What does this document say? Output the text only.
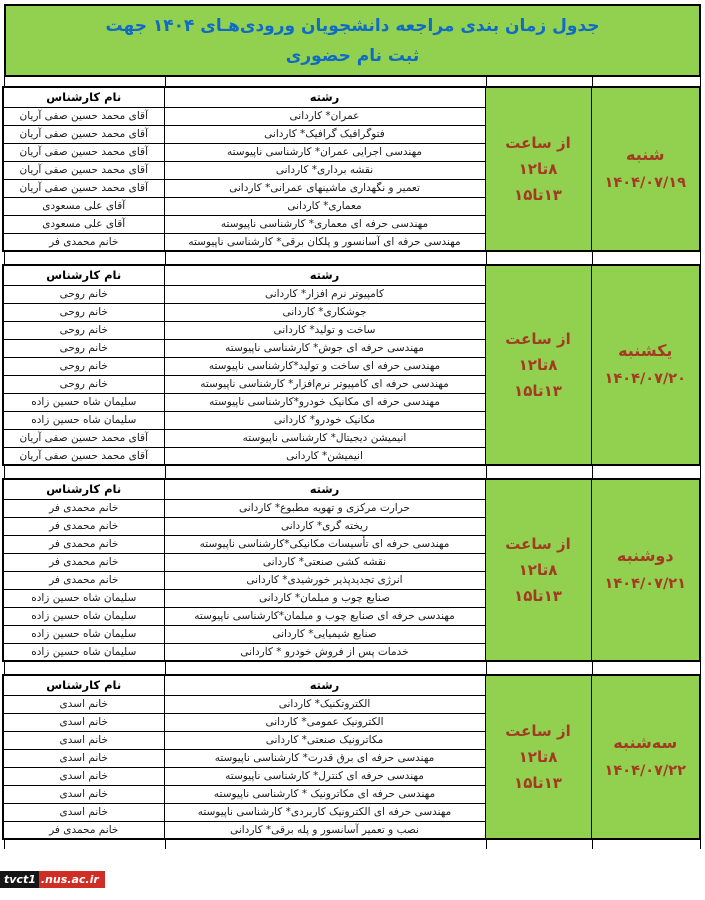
جدول زمان بندی مراجعه دانشجویان ورودی‌هـای ۱۴۰۴ جهت
ثبت نام حضوری
شنبه
۱۴۰۴/۰۷/۱۹

از ساعت
۸تا۱۲
۱۳تا۱۵
	رشته	نام کارشناس
		عمران* کاردانی	آقای محمد حسین صفی آریان
		فتوگرافیک گرافیک* کاردانی	آقای محمد حسین صفی آریان
		مهندسی اجرایی عمران* کارشناسی ناپیوسته	آقای محمد حسین صفی آریان
		نقشه برداری* کاردانی	آقای محمد حسین صفی آریان
		تعمیر و نگهداری ماشینهای عمرانی* کاردانی	آقای محمد حسین صفی آریان
		معماری* کاردانی	آقای علی مسعودی
		مهندسی حرفه ای معماری* کارشناسی ناپیوسته	آقای علی مسعودی
		مهندسی حرفه ای آسانسور و پلکان برقی* کارشناسی ناپیوسته	خانم محمدی فر
یکشنبه
۱۴۰۴/۰۷/۲۰

از ساعت
۸تا۱۲
۱۳تا۱۵
	رشته	نام کارشناس
		کامپیوتر نرم افزار* کاردانی	خانم روحی
		جوشکاری* کاردانی	خانم روحی
		ساخت و تولید* کاردانی	خانم روحی
		مهندسی حرفه ای جوش* کارشناسی ناپیوسته	خانم روحی
		مهندسی حرفه ای ساخت و تولید*کارشناسی ناپیوسته	خانم روحی
		مهندسی حرفه ای کامپیوتر نرم‌افزار* کارشناسی ناپیوسته	خانم روحی
		مهندسی حرفه ای مکانیک خودرو*کارشناسی ناپیوسته	سلیمان شاه حسین زاده
		مکانیک خودرو* کاردانی	سلیمان شاه حسین زاده
		انیمیشن دیجیتال* کارشناسی ناپیوسته	آقای محمد حسین صفی آریان
		انیمیشن* کاردانی	آقای محمد حسین صفی آریان
دوشنبه
۱۴۰۴/۰۷/۲۱

از ساعت
۸تا۱۲
۱۳تا۱۵
	رشته	نام کارشناس
		حرارت مرکزی و تهویه مطبوع* کاردانی	خانم محمدی فر
		ریخته گری* کاردانی	خانم محمدی فر
		مهندسی حرفه ای تأسیسات مکانیکی*کارشناسی ناپیوسته	خانم محمدی فر
		نقشه کشی صنعتی* کاردانی	خانم محمدی فر
		انرژی تجدیدپذیر خورشیدی* کاردانی	خانم محمدی فر
		صنایع چوب و مبلمان* کاردانی	سلیمان شاه حسین زاده
		مهندسی حرفه ای صنایع چوب و مبلمان*کارشناسی ناپیوسته	سلیمان شاه حسین زاده
		صنایع شیمیایی* کاردانی	سلیمان شاه حسین زاده
		خدمات پس از فروش خودرو * کاردانی	سلیمان شاه حسین زاده
سه‌شنبه
۱۴۰۴/۰۷/۲۲

از ساعت
۸تا۱۲
۱۳تا۱۵
	رشته	نام کارشناس
		الکتروتکنیک* کاردانی	خانم اسدی
		الکترونیک عمومی* کاردانی	خانم اسدی
		مکاترونیک صنعتی* کاردانی	خانم اسدی
		مهندسی حرفه ای برق قدرت* کارشناسی ناپیوسته	خانم اسدی
		مهندسی حرفه ای کنترل* کارشناسی ناپیوسته	خانم اسدی
		مهندسی حرفه ای مکاترونیک * کارشناسی ناپیوسته	خانم اسدی
		مهندسی حرفه ای الکترونیک کاربردی* کارشناسی ناپیوسته	خانم اسدی
		نصب و تعمیر آسانسور و پله برقی* کاردانی	خانم محمدی فر
tvct1 .nus.ac.ir
